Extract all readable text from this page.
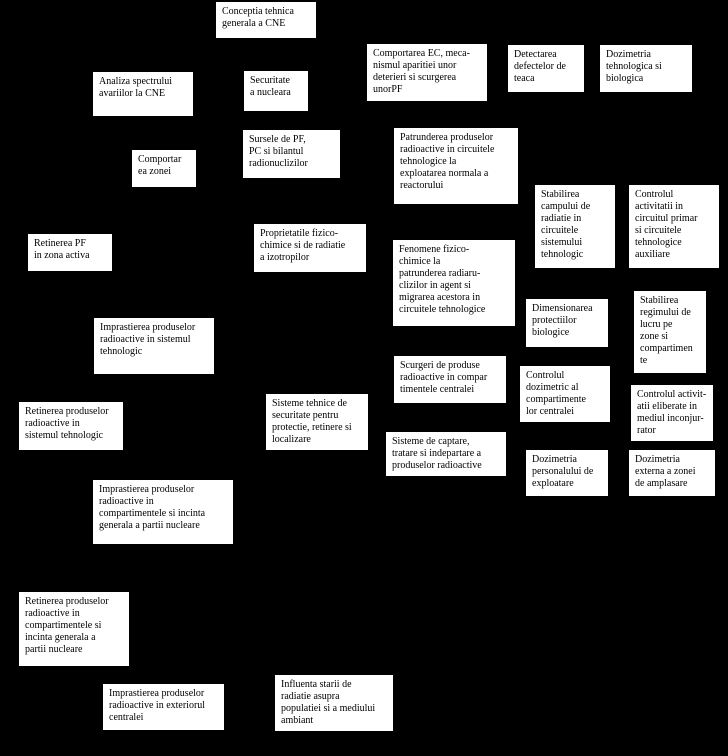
Conceptia tehnica
generala a CNE
Comportarea EC, meca-
nismul aparitiei unor
deterieri si scurgerea
unorPF
Detectarea
defectelor de
teaca
Dozimetria
tehnologica si
biologica
Analiza spectrului
avariilor la CNE
Securitate
a nucleara
Sursele de PF,
PC si bilantul
radionuclizilor
Patrunderea produselor
radioactive in circuitele
tehnologice la
exploatarea normala a
reactorului
Comportar
ea zonei
Stabilirea
campului de
radiatie in
circuitele
sistemului
tehnologic
Controlul
activitatii in
circuitul primar
si circuitele
tehnologice
auxiliare
Retinerea PF
in zona activa
Proprietatile fizico-
chimice si de radiatie
a izotropilor
Fenomene fizico-
chimice la
patrunderea radiaru-
clizilor in agent si
migrarea acestora in
circuitele tehnologice	Dimensionarea
protectiilor
biologice
Stabilirea
regimului de
lucru pe
zone si
compartimen
te
Imprastierea produselor
radioactive in sistemul
tehnologic
Scurgeri de produse
radioactive in compar
timentele centralei
Controlul
dozimetric al
compartimente
lor centralei
Controlul activit-
atii eliberate in
mediul inconjur-
rator
Retinerea produselor
radioactive in
sistemul tehnologic
Sisteme tehnice de
securitate pentru
protectie, retinere si
localizare	Sisteme de captare,
tratare si indepartare a
produselor radioactive
Dozimetria
personalului de
exploatare
Dozimetria
externa a zonei
de amplasare
Imprastierea produselor
radioactive in
compartimentele si incinta
generala a partii nucleare
Retinerea produselor
radioactive in
compartimentele si
incinta generala a
partii nucleare
Imprastierea produselor
radioactive in exteriorul
centralei
Influenta starii de
radiatie asupra
populatiei si a mediului
ambiant
